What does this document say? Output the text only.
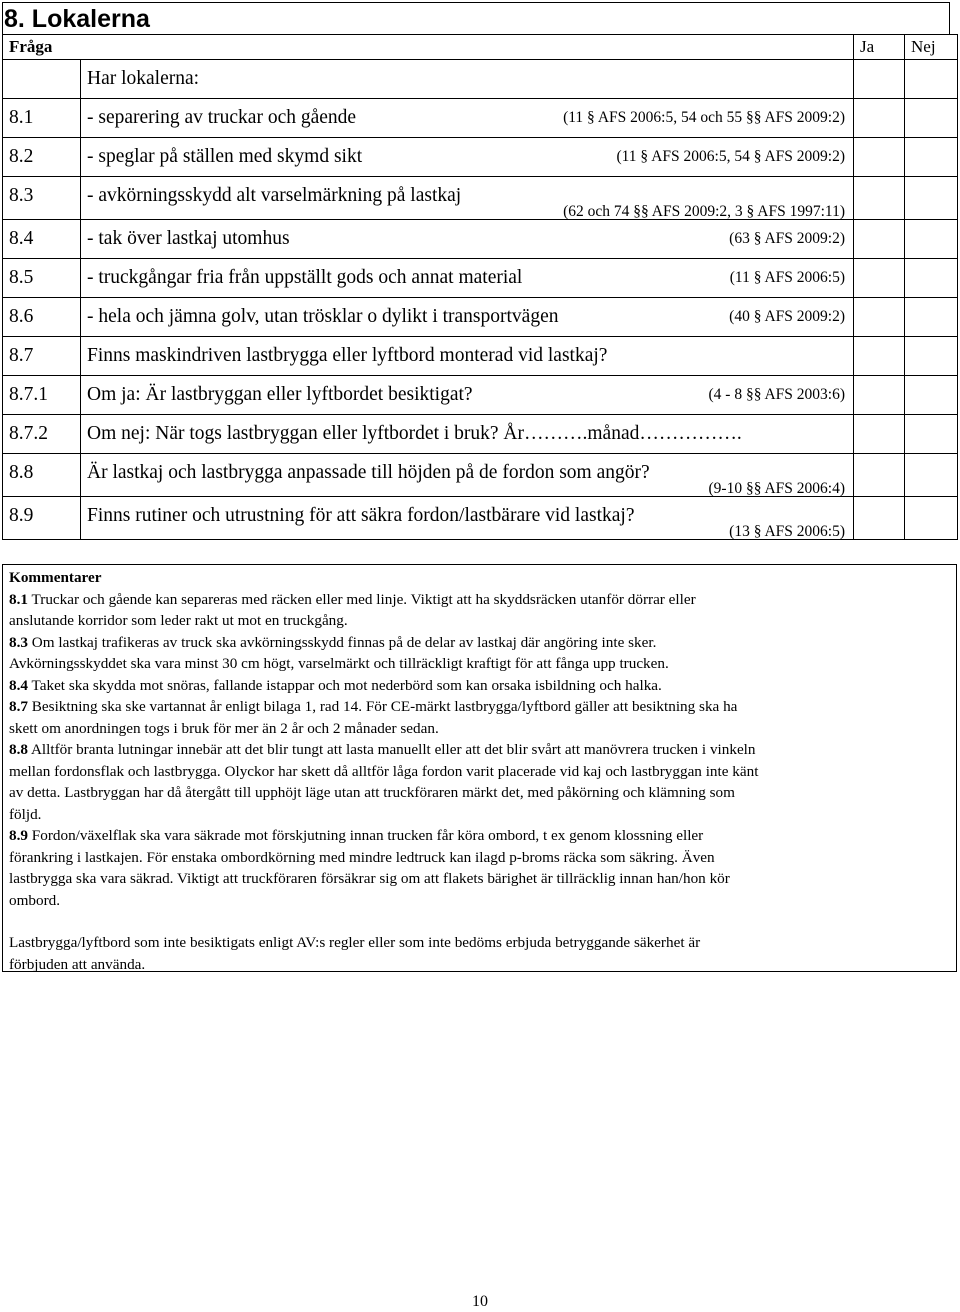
8. Lokalerna
Fråga	Ja	Nej

Har lokalerna:		

8.1 - separering av truckar och gående (11 § AFS 2006:5, 54 och 55 §§ AFS 2009:2)		

8.2 - speglar på ställen med skymd sikt (11 § AFS 2006:5, 54 § AFS 2009:2)		

8.3 - avkörningsskydd alt varselmärkning på lastkaj
(62 och 74 §§ AFS 2009:2, 3 § AFS 1997:11)		

8.4 - tak över lastkaj utomhus (63 § AFS 2009:2)		

8.5 - truckgångar fria från uppställt gods och annat material (11 § AFS 2006:5)		

8.6 - hela och jämna golv, utan trösklar o dylikt i transportvägen (40 § AFS 2009:2)		

8.7 Finns maskindriven lastbrygga eller lyftbord monterad vid lastkaj?		

8.7.1 Om ja: Är lastbryggan eller lyftbordet besiktigat? (4 - 8 §§ AFS 2003:6)		

8.7.2 Om nej: När togs lastbryggan eller lyftbordet i bruk? År……….månad…………….		

8.8 Är lastkaj och lastbrygga anpassade till höjden på de fordon som angör?
(9-10 §§ AFS 2006:4)		

8.9 Finns rutiner och utrustning för att säkra fordon/lastbärare vid lastkaj?
(13 § AFS 2006:5)		

Kommentarer

8.1 Truckar och gående kan separeras med räcken eller med linje. Viktigt att ha skyddsräcken utanför dörrar eller

anslutande korridor som leder rakt ut mot en truckgång.

8.3 Om lastkaj trafikeras av truck ska avkörningsskydd finnas på de delar av lastkaj där angöring inte sker.

Avkörningsskyddet ska vara minst 30 cm högt, varselmärkt och tillräckligt kraftigt för att fånga upp trucken.

8.4 Taket ska skydda mot snöras, fallande istappar och mot nederbörd som kan orsaka isbildning och halka.

8.7 Besiktning ska ske vartannat år enligt bilaga 1, rad 14. För CE-märkt lastbrygga/lyftbord gäller att besiktning ska ha

skett om anordningen togs i bruk för mer än 2 år och 2 månader sedan.

8.8 Alltför branta lutningar innebär att det blir tungt att lasta manuellt eller att det blir svårt att manövrera trucken i vinkeln

mellan fordonsflak och lastbrygga. Olyckor har skett då alltför låga fordon varit placerade vid kaj och lastbryggan inte känt

av detta. Lastbryggan har då återgått till upphöjt läge utan att truckföraren märkt det, med påkörning och klämning som

följd.

8.9 Fordon/växelflak ska vara säkrade mot förskjutning innan trucken får köra ombord, t ex genom klossning eller

förankring i lastkajen. För enstaka ombordkörning med mindre ledtruck kan ilagd p-broms räcka som säkring. Även

lastbrygga ska vara säkrad. Viktigt att truckföraren försäkrar sig om att flakets bärighet är tillräcklig innan han/hon kör

ombord.

Lastbrygga/lyftbord som inte besiktigats enligt AV:s regler eller som inte bedöms erbjuda betryggande säkerhet är

förbjuden att använda.

10
